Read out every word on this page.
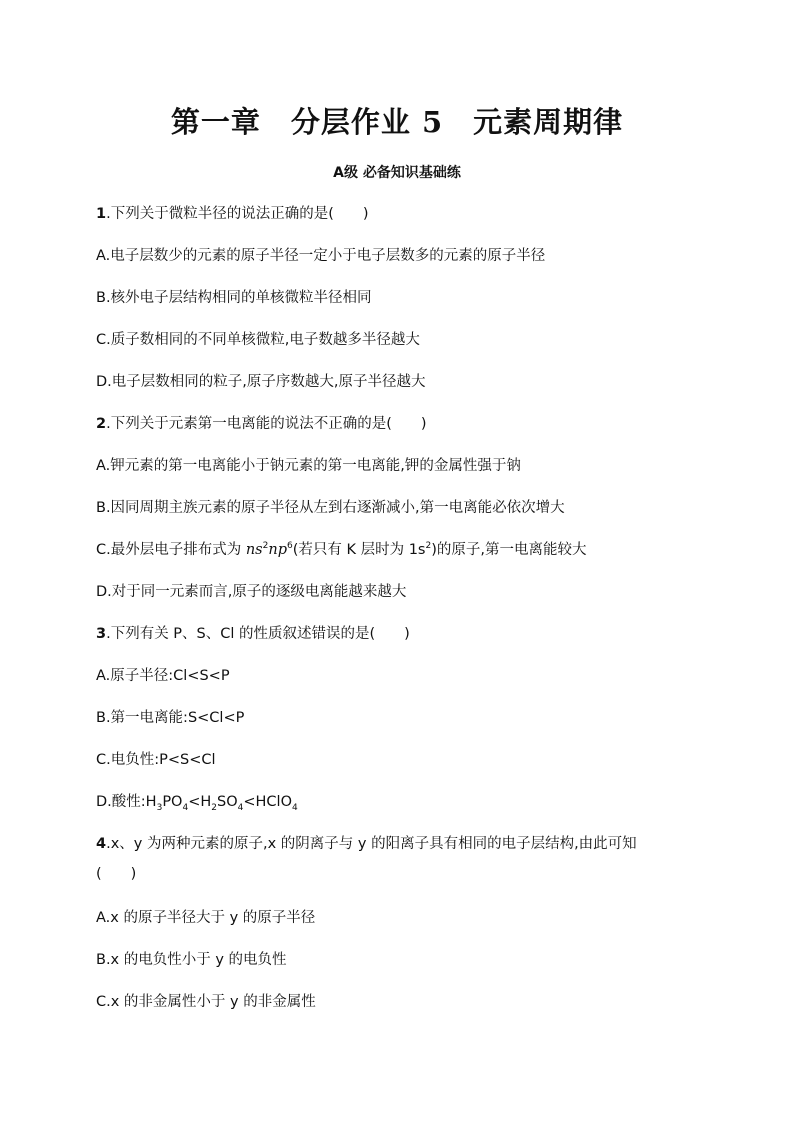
第一章 分层作业 5 元素周期律
A级 必备知识基础练
1.下列关于微粒半径的说法正确的是(　　)
A.电子层数少的元素的原子半径一定小于电子层数多的元素的原子半径
B.核外电子层结构相同的单核微粒半径相同
C.质子数相同的不同单核微粒,电子数越多半径越大
D.电子层数相同的粒子,原子序数越大,原子半径越大
2.下列关于元素第一电离能的说法不正确的是(　　)
A.钾元素的第一电离能小于钠元素的第一电离能,钾的金属性强于钠
B.因同周期主族元素的原子半径从左到右逐渐减小,第一电离能必依次增大
C.最外层电子排布式为 $ns^2np^6$(若只有 K 层时为 $1s^2$)的原子,第一电离能较大
D.对于同一元素而言,原子的逐级电离能越来越大
3.下列有关 P、S、Cl 的性质叙述错误的是(　　)
A.原子半径:Cl<S<P
B.第一电离能:S<Cl<P
C.电负性:P<S<Cl
D.酸性$:H_3PO_4<H_2SO_4<HClO_4$
4.x、y 为两种元素的原子,x 的阴离子与 y 的阳离子具有相同的电子层结构,由此可知
(　　)
A.x 的原子半径大于 y 的原子半径
B.x 的电负性小于 y 的电负性
C.x 的非金属性小于 y 的非金属性
